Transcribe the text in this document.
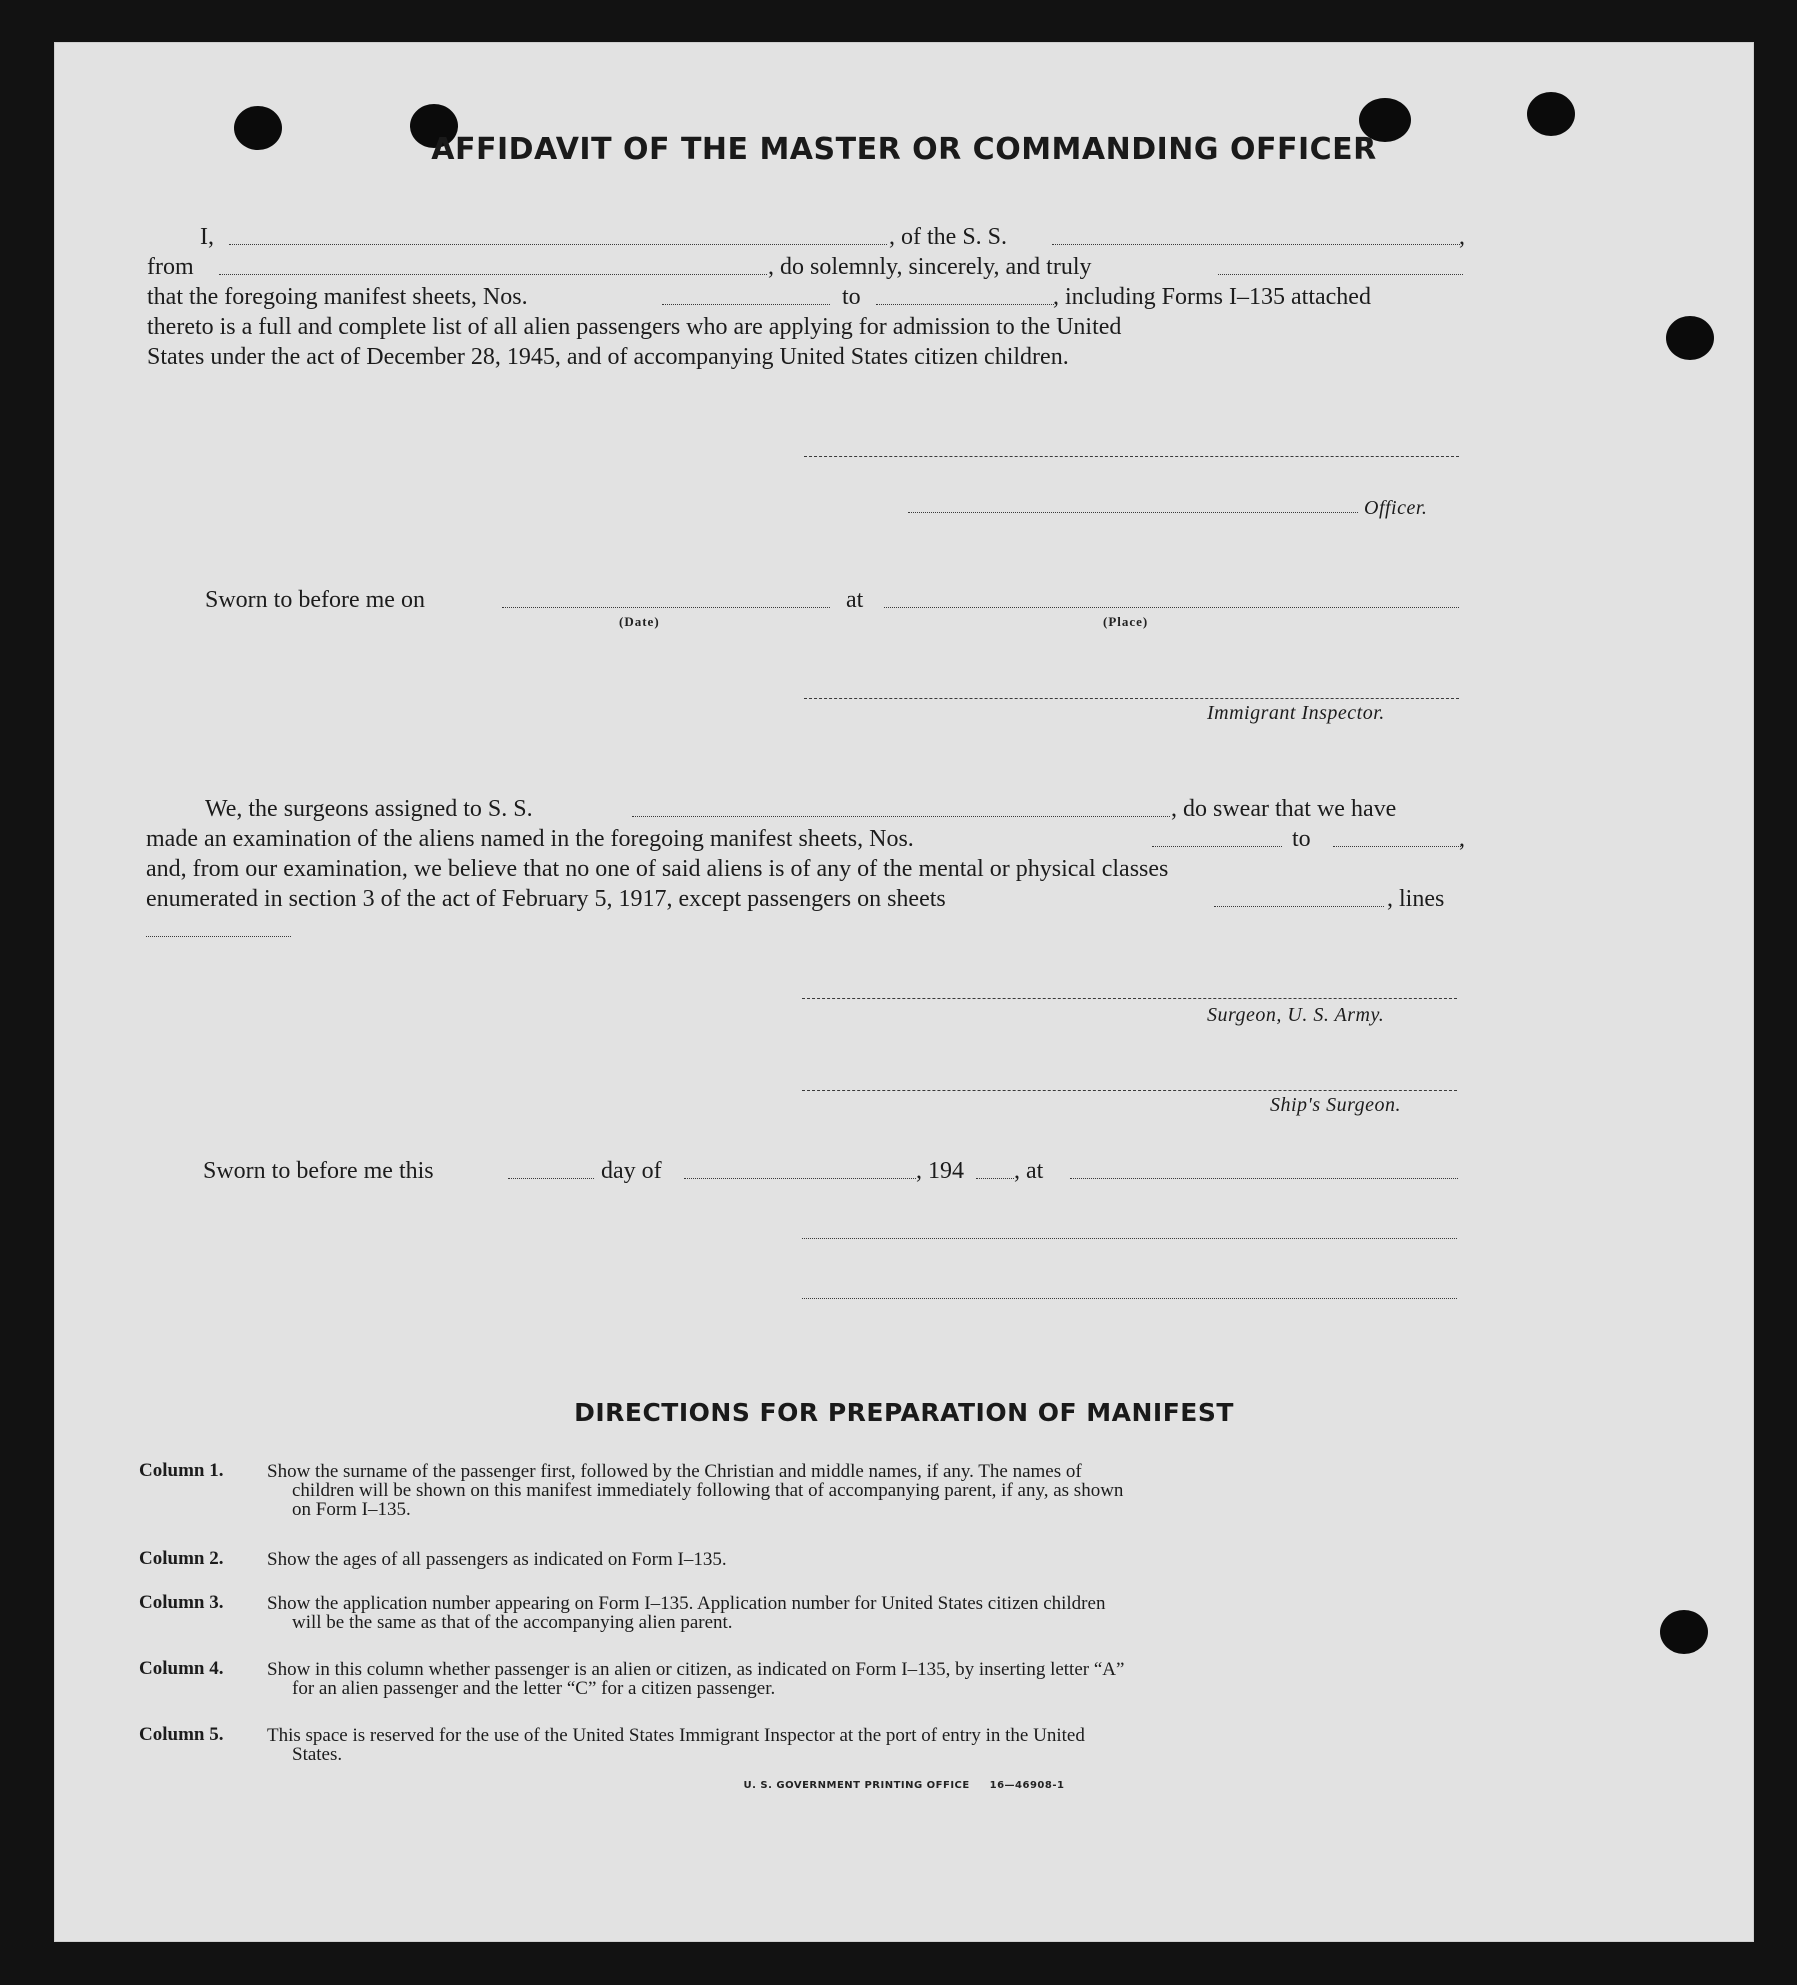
AFFIDAVIT OF THE MASTER OR COMMANDING OFFICER
I,	, of the S. S.	,
from	, do solemnly, sincerely, and truly
that the foregoing manifest sheets, Nos.	to	, including Forms I–135 attached
thereto is a full and complete list of all alien passengers who are applying for admission to the United
States under the act of December 28, 1945, and of accompanying United States citizen children.
Officer.
Sworn to before me on
(Date)
at
(Place)
Immigrant Inspector.
We, the surgeons assigned to S. S.	, do swear that we have
made an examination of the aliens named in the foregoing manifest sheets, Nos.	to	,
and, from our examination, we believe that no one of said aliens is of any of the mental or physical classes
enumerated in section 3 of the act of February 5, 1917, except passengers on sheets	, lines
Surgeon, U. S. Army.
Ship's Surgeon.
Sworn to before me this	day of	, 194 , at
DIRECTIONS FOR PREPARATION OF MANIFEST
Column 1. Show the surname of the passenger first, followed by the Christian and middle names, if any. The names of
children will be shown on this manifest immediately following that of accompanying parent, if any, as shown
on Form I–135.
Column 2. Show the ages of all passengers as indicated on Form I–135.
Column 3. Show the application number appearing on Form I–135. Application number for United States citizen children
will be the same as that of the accompanying alien parent.
Column 4. Show in this column whether passenger is an alien or citizen, as indicated on Form I–135, by inserting letter “A”
for an alien passenger and the letter “C” for a citizen passenger.
Column 5. This space is reserved for the use of the United States Immigrant Inspector at the port of entry in the United
States.
U. S. GOVERNMENT PRINTING OFFICE     16—46908-1
